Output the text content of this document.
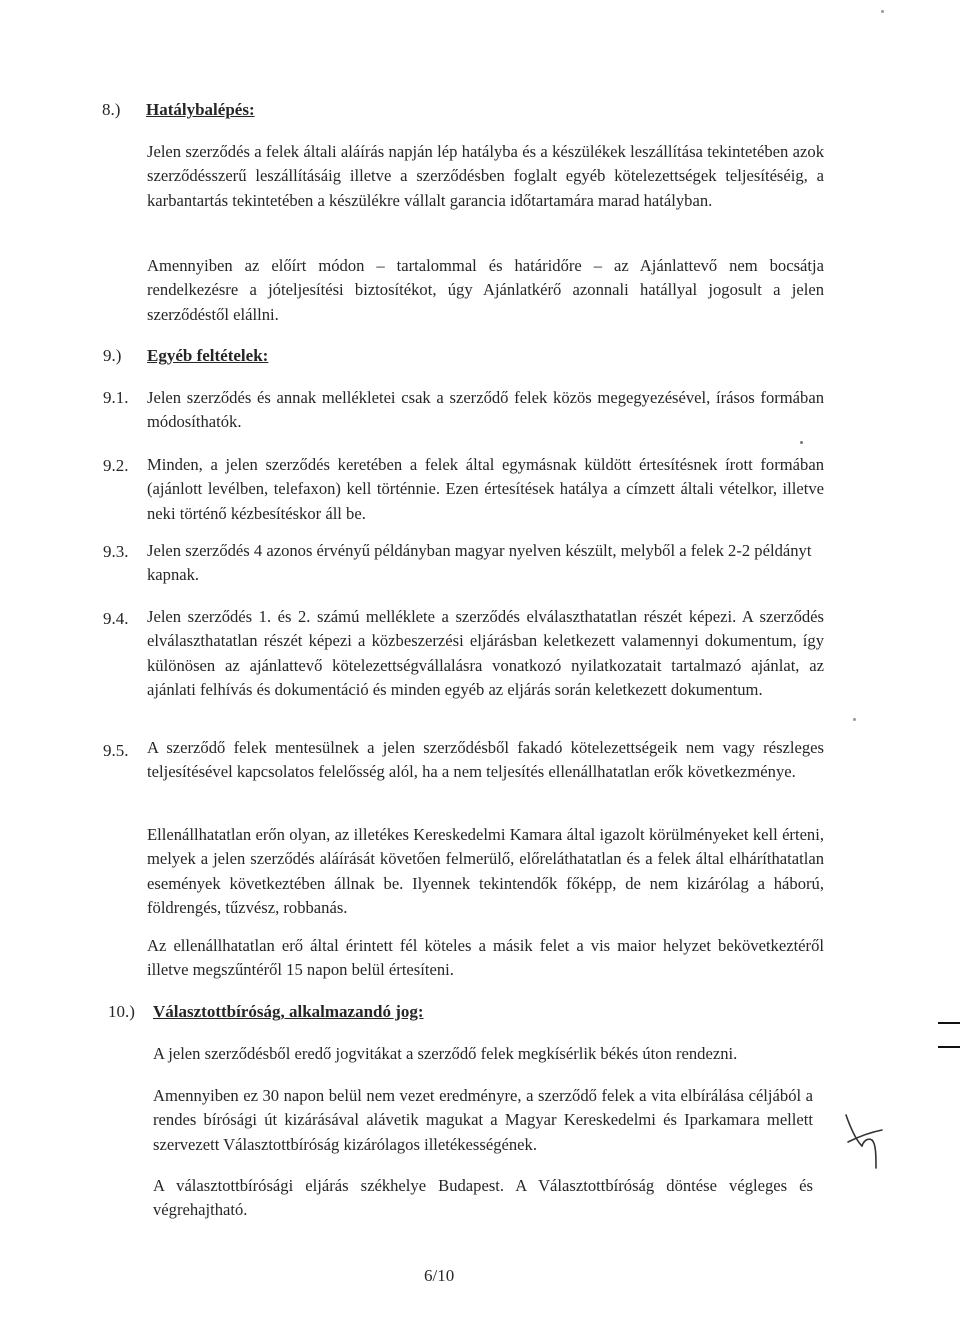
8.) Hatálybalépés:

Jelen szerződés a felek általi aláírás napján lép hatályba és a készülékek leszállítása tekintetében azok szerződésszerű leszállításáig illetve a szerződésben foglalt egyéb kötelezettségek teljesítéséig, a karbantartás tekintetében a készülékre vállalt garancia időtartamára marad hatályban.

Amennyiben az előírt módon – tartalommal és határidőre – az Ajánlattevő nem bocsátja rendelkezésre a jóteljesítési biztosítékot, úgy Ajánlatkérő azonnali hatállyal jogosult a jelen szerződéstől elállni.

9.) Egyéb feltételek:
9.1. Jelen szerződés és annak mellékletei csak a szerződő felek közös megegyezésével, írásos formában módosíthatók.

9.2. Minden, a jelen szerződés keretében a felek által egymásnak küldött értesítésnek írott formában (ajánlott levélben, telefaxon) kell történnie. Ezen értesítések hatálya a címzett általi vételkor, illetve neki történő kézbesítéskor áll be.

9.3. Jelen szerződés 4 azonos érvényű példányban magyar nyelven készült, melyből a felek 2-2 példányt kapnak.

9.4. Jelen szerződés 1. és 2. számú melléklete a szerződés elválaszthatatlan részét képezi. A szerződés elválaszthatatlan részét képezi a közbeszerzési eljárásban keletkezett valamennyi dokumentum, így különösen az ajánlattevő kötelezettségvállalásra vonatkozó nyilatkozatait tartalmazó ajánlat, az ajánlati felhívás és dokumentáció és minden egyéb az eljárás során keletkezett dokumentum.

9.5. A szerződő felek mentesülnek a jelen szerződésből fakadó kötelezettségeik nem vagy részleges teljesítésével kapcsolatos felelősség alól, ha a nem teljesítés ellenállhatatlan erők következménye.

Ellenállhatatlan erőn olyan, az illetékes Kereskedelmi Kamara által igazolt körülményeket kell érteni, melyek a jelen szerződés aláírását követően felmerülő, előreláthatatlan és a felek által elháríthatatlan események következtében állnak be. Ilyennek tekintendők főképp, de nem kizárólag a háború, földrengés, tűzvész, robbanás.

Az ellenállhatatlan erő által érintett fél köteles a másik felet a vis maior helyzet bekövetkeztéről illetve megszűntéről 15 napon belül értesíteni.

10.) Választottbíróság, alkalmazandó jog:

A jelen szerződésből eredő jogvitákat a szerződő felek megkísérlik békés úton rendezni.

Amennyiben ez 30 napon belül nem vezet eredményre, a szerződő felek a vita elbírálása céljából a rendes bírósági út kizárásával alávetik magukat a Magyar Kereskedelmi és Iparkamara mellett szervezett Választottbíróság kizárólagos illetékességének.

A választottbírósági eljárás székhelye Budapest. A Választottbíróság döntése végleges és végrehajtható.

6/10
